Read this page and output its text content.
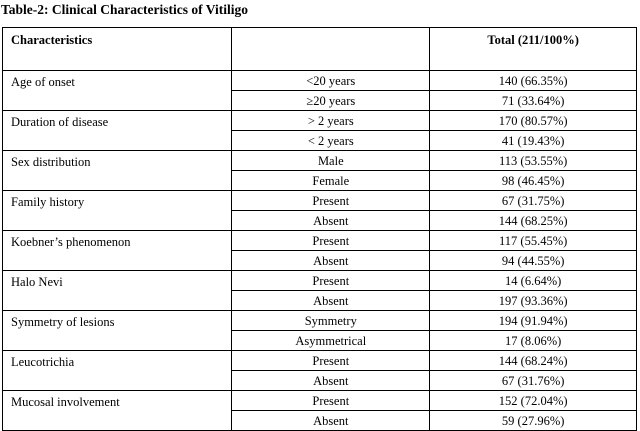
Table-2: Clinical Characteristics of Vitiligo
Characteristics		Total (211/100%)
Age of onset	<20 years	140 (66.35%)
	≥20 years	71 (33.64%)
Duration of disease	> 2 years	170 (80.57%)
	< 2 years	41 (19.43%)
Sex distribution	Male	113 (53.55%)
	Female	98 (46.45%)
Family history	Present	67 (31.75%)
	Absent	144 (68.25%)
Koebner’s phenomenon	Present	117 (55.45%)
	Absent	94 (44.55%)
Halo Nevi	Present	14 (6.64%)
	Absent	197 (93.36%)
Symmetry of lesions	Symmetry	194 (91.94%)
	Asymmetrical	17 (8.06%)
Leucotrichia	Present	144 (68.24%)
	Absent	67 (31.76%)
Mucosal involvement	Present	152 (72.04%)
	Absent	59 (27.96%)
